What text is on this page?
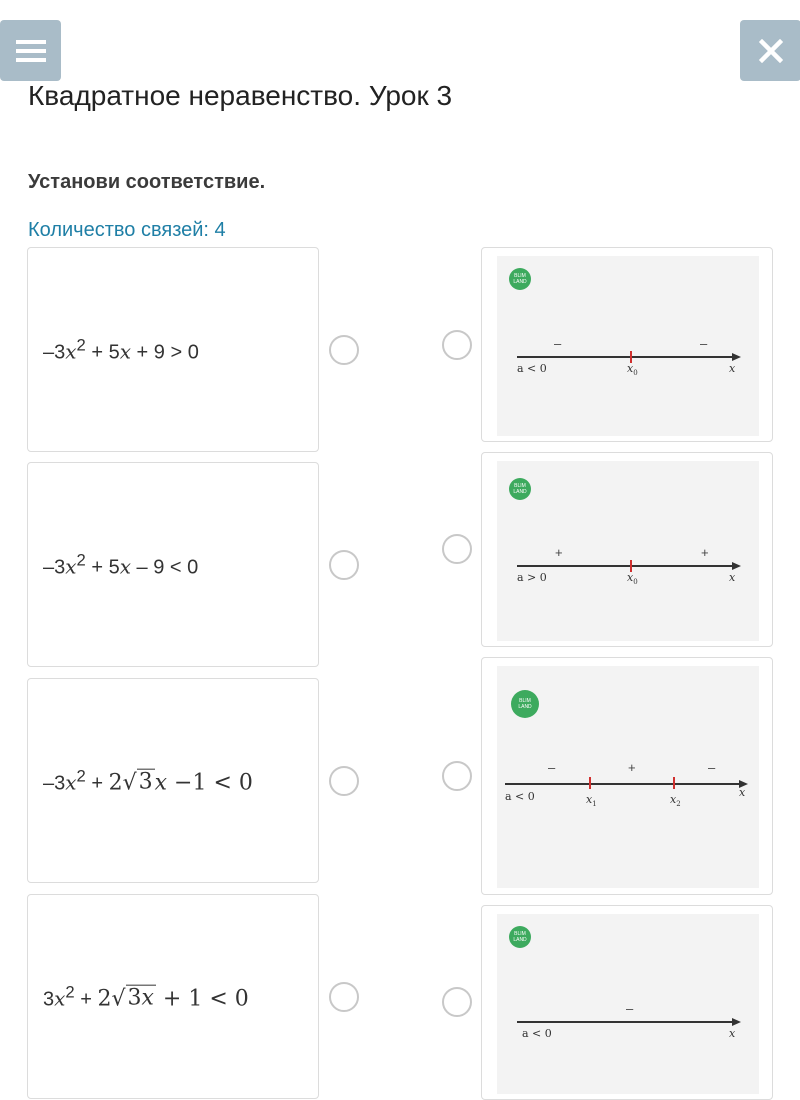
Квадратное неравенство. Урок 3
Установи соответствие.
Количество связей: 4
$-3x^2 + 5x + 9 > 0$
$-3x^2 + 5x - 9 < 0$
$-3x^2 + 2√3x -1 < 0$
$3x^2 + 2√3x + 1 < 0$
BLIM
LAND
–	–
a < 0	$x_0$	x
BLIM
LAND
+	+
a > 0	$x_0$	x
BLIM
LAND
–	+	–
a < 0	$x_1$	$x_2$
x
BLIM
LAND
–
a < 0	x
